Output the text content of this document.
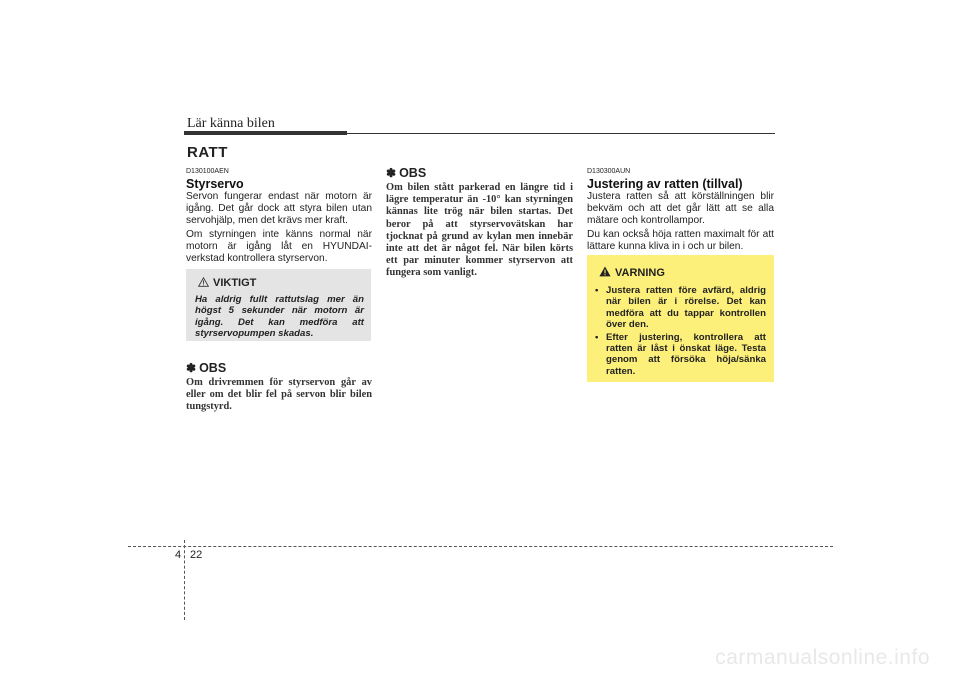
Lär känna bilen
RATT
D130100AEN
Styrservo

Servon fungerar endast när motorn är igång. Det går dock att styra bilen utan servohjälp, men det krävs mer kraft.

Om styrningen inte känns normal när motorn är igång låt en HYUNDAI-verkstad kontrollera styrservon.

VIKTIGT
Ha aldrig fullt rattutslag mer än högst 5 sekunder när motorn är igång. Det kan medföra att styrservopumpen skadas.
✽ OBS

Om drivremmen för styrservon går av eller om det blir fel på servon blir bilen tungstyrd.

✽ OBS

Om bilen stått parkerad en längre tid i lägre temperatur än -10° kan styrningen kännas lite trög när bilen startas. Det beror på att styrservovätskan har tjocknat på grund av kylan men innebär inte att det är något fel. När bilen körts ett par minuter kommer styrservon att fungera som vanligt.

D130300AUN
Justering av ratten (tillval)

Justera ratten så att körställningen blir bekväm och att det går lätt att se alla mätare och kontrollampor.

Du kan också höja ratten maximalt för att lättare kunna kliva in i och ur bilen.

VARNING
• Justera ratten före avfärd, aldrig när bilen är i rörelse. Det kan medföra att du tappar kontrollen över den.
• Efter justering, kontrollera att ratten är låst i önskat läge. Testa genom att försöka höja/sänka ratten.
4 22
carmanualsonline.info
